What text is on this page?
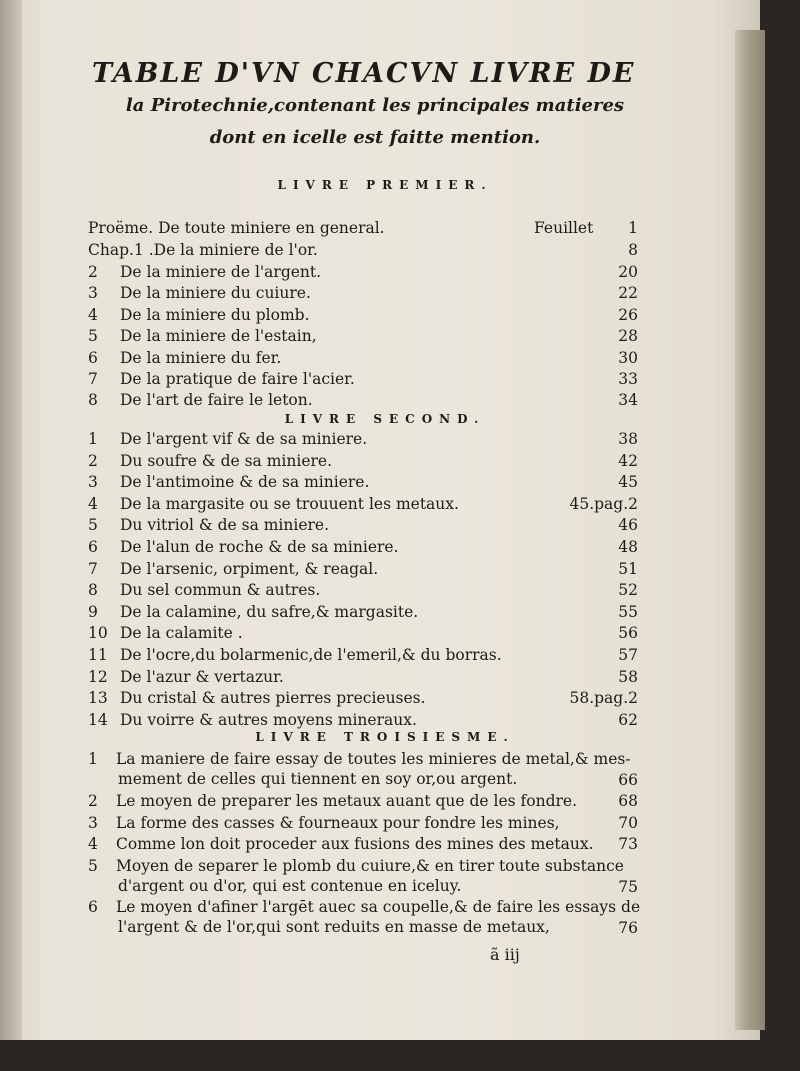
TABLE D'VN CHACVN LIVRE DE
la Pirotechnie,contenant les principales matieres
dont en icelle est faitte mention.
LIVRE PREMIER.
Proëme. De toute miniere en general.	Feuillet 1
Chap.1 .De la miniere de l'or.	8
2 De la miniere de l'argent.	20
3 De la miniere du cuiure.	22
4 De la miniere du plomb.	26
5 De la miniere de l'estain,	28
6 De la miniere du fer.	30
7 De la pratique de faire l'acier.	33
8 De l'art de faire le leton.	34
LIVRE SECOND.
1 De l'argent vif & de sa miniere.	38
2 Du soufre & de sa miniere.	42
3 De l'antimoine & de sa miniere.	45
4 De la margasite ou se trouuent les metaux.	45.pag.2
5 Du vitriol & de sa miniere.	46
6 De l'alun de roche & de sa miniere.	48
7 De l'arsenic, orpiment, & reagal.	51
8 Du sel commun & autres.	52
9 De la calamine, du safre,& margasite.	55
10 De la calamite .	56
11 De l'ocre,du bolarmenic,de l'emeril,& du borras.	57
12 De l'azur & vertazur.	58
13 Du cristal & autres pierres precieuses.	58.pag.2
14 Du voirre & autres moyens mineraux.	62
LIVRE TROISIESME.
1 La maniere de faire essay de toutes les minieres de metal,& mes-
mement de celles qui tiennent en soy or,ou argent.	66
2 Le moyen de preparer les metaux auant que de les fondre.	68
3 La forme des casses & fourneaux pour fondre les mines,	70
4 Comme lon doit proceder aux fusions des mines des metaux. 73
5 Moyen de separer le plomb du cuiure,& en tirer toute substance
d'argent ou d'or, qui est contenue en iceluy.	75
6 Le moyen d'afiner l'argēt auec sa coupelle,& de faire les essays de
l'argent & de l'or,qui sont reduits en masse de metaux,	76
ã iij
